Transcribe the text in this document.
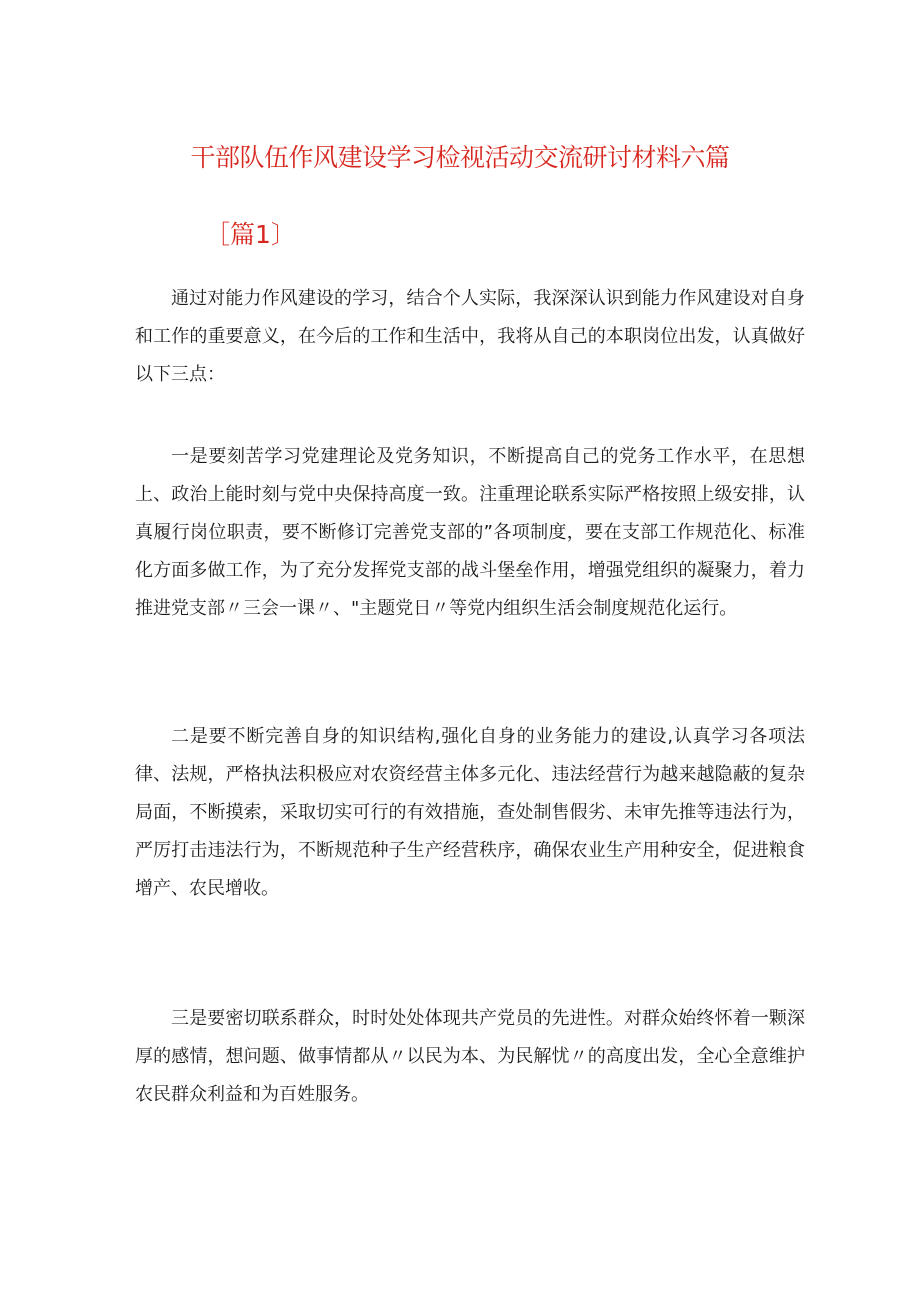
干部队伍作风建设学习检视活动交流研讨材料六篇
［篇1〕

通过对能力作风建设的学习，结合个人实际，我深深认识到能力作风建设对自身和工作的重要意义，在今后的工作和生活中，我将从自己的本职岗位出发，认真做好以下三点：

一是要刻苦学习党建理论及党务知识，不断提高自己的党务工作水平，在思想上、政治上能时刻与党中央保持高度一致。注重理论联系实际严格按照上级安排，认真履行岗位职责，要不断修订完善党支部的”各项制度，要在支部工作规范化、标准化方面多做工作，为了充分发挥党支部的战斗堡垒作用，增强党组织的凝聚力，着力推进党支部〃三会一课〃、"主题党日〃等党内组织生活会制度规范化运行。

二是要不断完善自身的知识结构,强化自身的业务能力的建设,认真学习各项法律、法规，严格执法积极应对农资经营主体多元化、违法经营行为越来越隐蔽的复杂局面，不断摸索，采取切实可行的有效措施，查处制售假劣、未审先推等违法行为，严厉打击违法行为，不断规范种子生产经营秩序，确保农业生产用种安全，促进粮食增产、农民增收。

三是要密切联系群众，时时处处体现共产党员的先进性。对群众始终怀着一颗深厚的感情，想问题、做事情都从〃以民为本、为民解忧〃的高度出发，全心全意维护农民群众利益和为百姓服务。
